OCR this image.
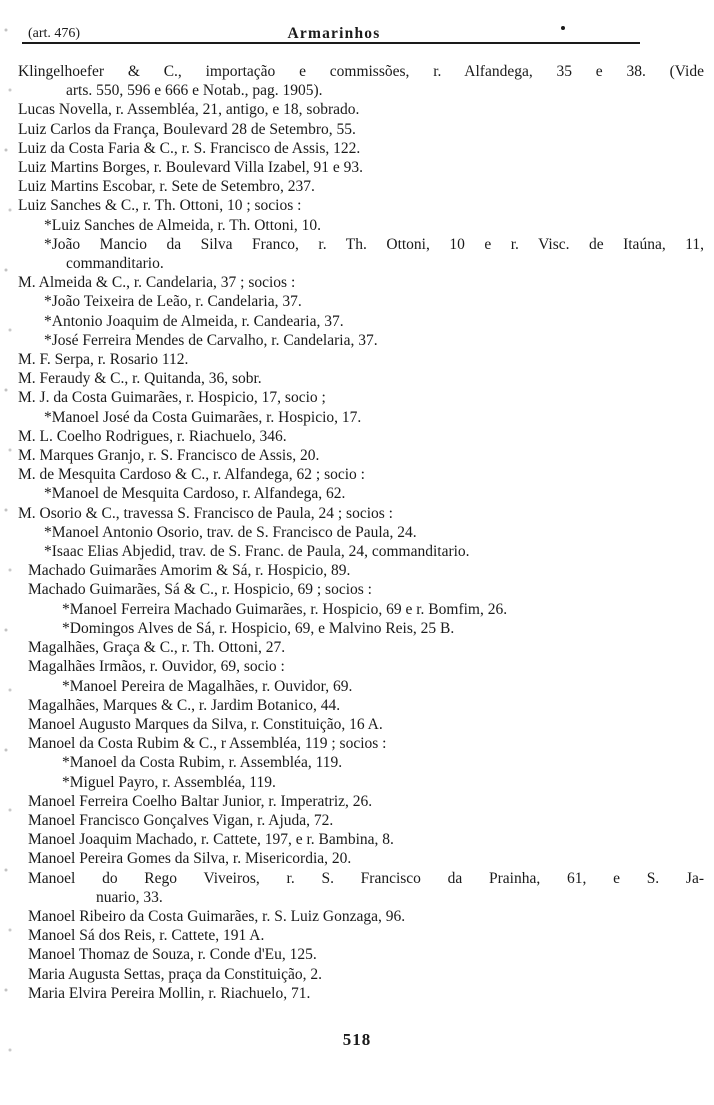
(art. 476)	Armarinhos
Klingelhoefer & C., importação e commissões, r. Alfandega, 35 e 38. (Vide
arts. 550, 596 e 666 e Notab., pag. 1905).
Lucas Novella, r. Assembléa, 21, antigo, e 18, sobrado.
Luiz Carlos da França, Boulevard 28 de Setembro, 55.
Luiz da Costa Faria & C., r. S. Francisco de Assis, 122.
Luiz Martins Borges, r. Boulevard Villa Izabel, 91 e 93.
Luiz Martins Escobar, r. Sete de Setembro, 237.
Luiz Sanches & C., r. Th. Ottoni, 10 ; socios :
*Luiz Sanches de Almeida, r. Th. Ottoni, 10.
*João Mancio da Silva Franco, r. Th. Ottoni, 10 e r. Visc. de Itaúna, 11,
commanditario.
M. Almeida & C., r. Candelaria, 37 ; socios :
*João Teixeira de Leão, r. Candelaria, 37.
*Antonio Joaquim de Almeida, r. Candearia, 37.
*José Ferreira Mendes de Carvalho, r. Candelaria, 37.
M. F. Serpa, r. Rosario 112.
M. Feraudy & C., r. Quitanda, 36, sobr.
M. J. da Costa Guimarães, r. Hospicio, 17, socio ;
*Manoel José da Costa Guimarães, r. Hospicio, 17.
M. L. Coelho Rodrigues, r. Riachuelo, 346.
M. Marques Granjo, r. S. Francisco de Assis, 20.
M. de Mesquita Cardoso & C., r. Alfandega, 62 ; socio :
*Manoel de Mesquita Cardoso, r. Alfandega, 62.
M. Osorio & C., travessa S. Francisco de Paula, 24 ; socios :
*Manoel Antonio Osorio, trav. de S. Francisco de Paula, 24.
*Isaac Elias Abjedid, trav. de S. Franc. de Paula, 24, commanditario.
Machado Guimarães Amorim & Sá, r. Hospicio, 89.
Machado Guimarães, Sá & C., r. Hospicio, 69 ; socios :
*Manoel Ferreira Machado Guimarães, r. Hospicio, 69 e r. Bomfim, 26.
*Domingos Alves de Sá, r. Hospicio, 69, e Malvino Reis, 25 B.
Magalhães, Graça & C., r. Th. Ottoni, 27.
Magalhães Irmãos, r. Ouvidor, 69, socio :
*Manoel Pereira de Magalhães, r. Ouvidor, 69.
Magalhães, Marques & C., r. Jardim Botanico, 44.
Manoel Augusto Marques da Silva, r. Constituição, 16 A.
Manoel da Costa Rubim & C., r Assembléa, 119 ; socios :
*Manoel da Costa Rubim, r. Assembléa, 119.
*Miguel Payro, r. Assembléa, 119.
Manoel Ferreira Coelho Baltar Junior, r. Imperatriz, 26.
Manoel Francisco Gonçalves Vigan, r. Ajuda, 72.
Manoel Joaquim Machado, r. Cattete, 197, e r. Bambina, 8.
Manoel Pereira Gomes da Silva, r. Misericordia, 20.
Manoel do Rego Viveiros, r. S. Francisco da Prainha, 61, e S. Ja-
nuario, 33.
Manoel Ribeiro da Costa Guimarães, r. S. Luiz Gonzaga, 96.
Manoel Sá dos Reis, r. Cattete, 191 A.
Manoel Thomaz de Souza, r. Conde d'Eu, 125.
Maria Augusta Settas, praça da Constituição, 2.
Maria Elvira Pereira Mollin, r. Riachuelo, 71.
518
